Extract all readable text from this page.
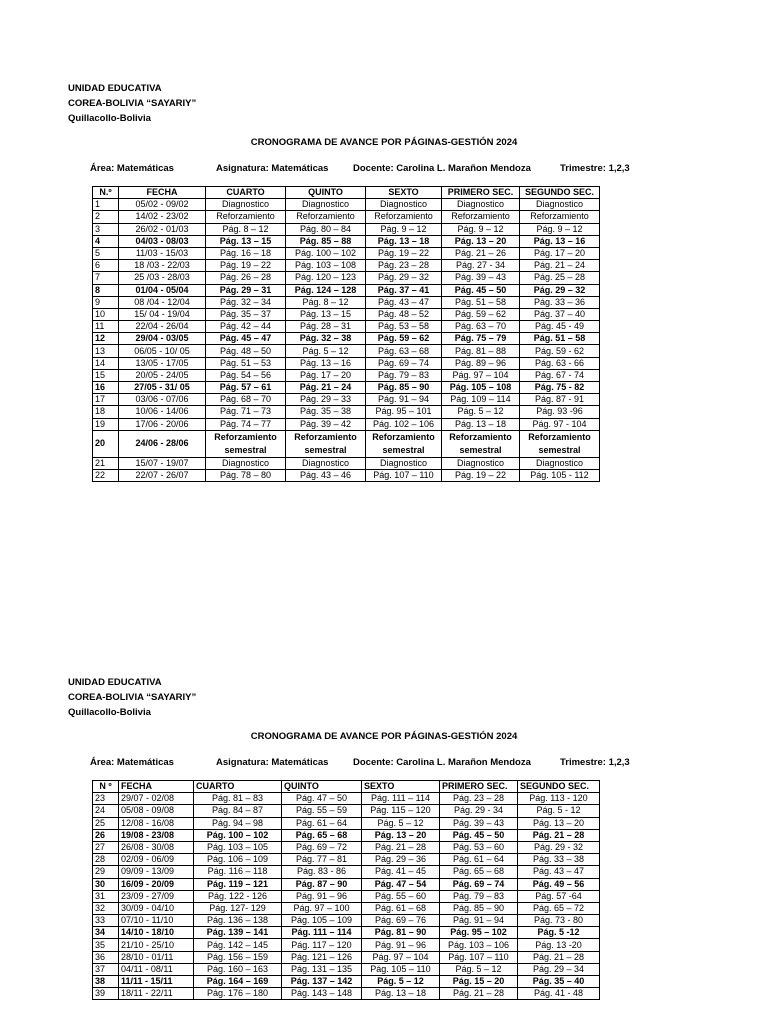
UNIDAD EDUCATIVA
COREA-BOLIVIA “SAYARIY”
Quillacollo-Bolivia
CRONOGRAMA DE AVANCE POR PÁGINAS-GESTIÓN 2024
Área: Matemáticas	Asignatura: Matemáticas	Docente: Carolina L. Marañon Mendoza	Trimestre: 1,2,3
N.º	FECHA	CUARTO	QUINTO	SEXTO	PRIMERO SEC.	SEGUNDO SEC.
1	05/02 - 09/02	Diagnostico	Diagnostico	Diagnostico	Diagnostico	Diagnostico
2	14/02 - 23/02	Reforzamiento	Reforzamiento	Reforzamiento	Reforzamiento	Reforzamiento
3	26/02 - 01/03	Pág. 8 – 12	Pág. 80 – 84	Pág. 9 – 12	Pág. 9 – 12	Pág. 9 – 12
4	04/03 - 08/03	Pág. 13 – 15	Pág. 85 – 88	Pág. 13 – 18	Pág. 13 – 20	Pág. 13 – 16
5	11/03 - 15/03	Pág. 16 – 18	Pág. 100 – 102	Pág. 19 – 22	Pág. 21 – 26	Pág. 17 – 20
6	18 /03 - 22/03	Pág. 19 – 22	Pág. 103 – 108	Pág. 23 – 28	Pág. 27 - 34	Pág. 21 – 24
7	25 /03 - 28/03	Pág. 26 – 28	Pág. 120 – 123	Pág. 29 – 32	Pág. 39 – 43	Pág. 25 – 28
8	01/04 - 05/04	Pág. 29 – 31	Pág. 124 – 128	Pág. 37 – 41	Pág. 45 – 50	Pág. 29 – 32
9	08 /04 - 12/04	Pág. 32 – 34	Pág. 8 – 12	Pág. 43 – 47	Pág. 51 – 58	Pág. 33 – 36
10	15/ 04 - 19/04	Pág. 35 – 37	Pág. 13 – 15	Pág. 48 – 52	Pág. 59 – 62	Pág. 37 – 40
11	22/04 - 26/04	Pág. 42 – 44	Pág. 28 – 31	Pág. 53 – 58	Pág. 63 – 70	Pág. 45 - 49
12	29/04 - 03/05	Pág. 45 – 47	Pág. 32 – 38	Pág. 59 – 62	Pág. 75 – 79	Pág. 51 – 58
13	06/05 - 10/ 05	Pág. 48 – 50	Pág. 5 – 12	Pág. 63 – 68	Pág. 81 – 88	Pág. 59 - 62
14	13/05 - 17/05	Pág. 51 – 53	Pág. 13 – 16	Pág. 69 – 74	Pág. 89 – 96	Pág. 63 - 66
15	20/05 - 24/05	Pág. 54 – 56	Pág. 17 – 20	Pág. 79 – 83	Pág. 97 – 104	Pág. 67 - 74
16	27/05 - 31/ 05	Pág. 57 – 61	Pág. 21 – 24	Pág. 85 – 90	Pág. 105 – 108	Pág. 75 - 82
17	03/06 - 07/06	Pág. 68 – 70	Pág. 29 – 33	Pág. 91 – 94	Pág. 109 – 114	Pág. 87 - 91
18	10/06 - 14/06	Pág. 71 – 73	Pág. 35 – 38	Pág. 95 – 101	Pág. 5 – 12	Pág. 93 -96
19	17/06 - 20/06	Pág. 74 – 77	Pág. 39 – 42	Pág. 102 – 106	Pág. 13 – 18	Pág. 97 - 104
20	24/06 - 28/06	Reforzamiento semestral	Reforzamiento semestral	Reforzamiento semestral	Reforzamiento semestral	Reforzamiento semestral
21	15/07 - 19/07	Diagnostico	Diagnostico	Diagnostico	Diagnostico	Diagnostico
22	22/07 - 26/07	Pág. 78 – 80	Pág. 43 – 46	Pág. 107 – 110	Pág. 19 – 22	Pág. 105 - 112
UNIDAD EDUCATIVA
COREA-BOLIVIA “SAYARIY”
Quillacollo-Bolivia
CRONOGRAMA DE AVANCE POR PÁGINAS-GESTIÓN 2024
Área: Matemáticas	Asignatura: Matemáticas	Docente: Carolina L. Marañon Mendoza	Trimestre: 1,2,3
N º	FECHA	CUARTO	QUINTO	SEXTO	PRIMERO SEC.	SEGUNDO SEC.
23	29/07 - 02/08	Pág. 81 – 83	Pág. 47 – 50	Pág. 111 – 114	Pág. 23 – 28	Pág. 113 - 120
24	05/08 - 09/08	Pág. 84 – 87	Pág. 55 – 59	Pág. 115 – 120	Pág. 29 - 34	Pág. 5 - 12
25	12/08 - 16/08	Pág. 94 – 98	Pág. 61 – 64	Pág. 5 – 12	Pág. 39 – 43	Pág. 13 – 20
26	19/08 - 23/08	Pág. 100 – 102	Pág. 65 – 68	Pág. 13 – 20	Pág. 45 – 50	Pág. 21 – 28
27	26/08 - 30/08	Pág. 103 – 105	Pág. 69 – 72	Pág. 21 – 28	Pág. 53 – 60	Pág. 29 - 32
28	02/09 - 06/09	Pág. 106 – 109	Pág. 77 – 81	Pág. 29 – 36	Pág. 61 – 64	Pág. 33 – 38
29	09/09 - 13/09	Pág. 116 – 118	Pág. 83 - 86	Pág. 41 – 45	Pág. 65 – 68	Pág. 43 – 47
30	16/09 - 20/09	Pág. 119 – 121	Pág. 87 – 90	Pág. 47 – 54	Pág. 69 – 74	Pág. 49 – 56
31	23/09 - 27/09	Pág. 122 - 126	Pág. 91 – 96	Pág. 55 – 60	Pág. 79 – 83	Pág. 57 -64
32	30/09 - 04/10	Pág. 127- 129	Pág. 97 – 100	Pág. 61 – 68	Pág. 85 – 90	Pág. 65 – 72
33	07/10 - 11/10	Pág. 136 – 138	Pág. 105 – 109	Pág. 69 – 76	Pág. 91 – 94	Pág. 73 - 80
34	14/10 - 18/10	Pág. 139 – 141	Pág. 111 – 114	Pág. 81 – 90	Pág. 95 – 102	Pág. 5 -12
35	21/10 - 25/10	Pág. 142 – 145	Pág. 117 – 120	Pág. 91 – 96	Pág. 103 – 106	Pág. 13 -20
36	28/10 - 01/11	Pág. 156 – 159	Pág. 121 – 126	Pág. 97 – 104	Pág. 107 – 110	Pág. 21 – 28
37	04/11 - 08/11	Pág. 160 – 163	Pág. 131 – 135	Pág. 105 – 110	Pág. 5 – 12	Pág. 29 – 34
38	11/11 - 15/11	Pág. 164 – 169	Pág. 137 – 142	Pág. 5 – 12	Pág. 15 – 20	Pág. 35 – 40
39	18/11 - 22/11	Pág. 176 – 180	Pág. 143 – 148	Pág. 13 – 18	Pág. 21 – 28	Pág. 41 - 48
